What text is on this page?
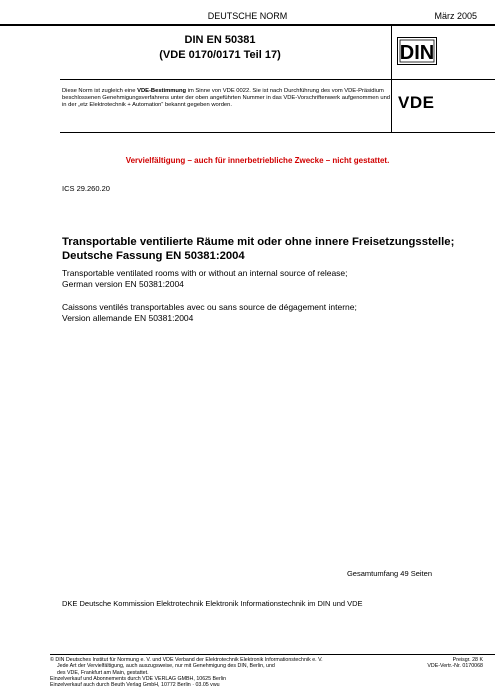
DEUTSCHE NORM	März 2005
DIN EN 50381
(VDE 0170/0171 Teil 17)	DIN
Diese Norm ist zugleich eine VDE-Bestimmung im Sinne von VDE 0022. Sie ist nach Durchführung des vom VDE-Präsidium beschlossenen Genehmigungsverfahrens unter der oben angeführten Nummer in das VDE-Vorschriftenwerk aufgenommen und in der „etz Elektrotechnik + Automation“ bekannt gegeben worden.	VDE
Vervielfältigung – auch für innerbetriebliche Zwecke – nicht gestattet.
ICS 29.260.20
Transportable ventilierte Räume mit oder ohne innere Freisetzungsstelle;
Deutsche Fassung EN 50381:2004
Transportable ventilated rooms with or without an internal source of release;
German version EN 50381:2004
Caissons ventilés transportables avec ou sans source de dégagement interne;
Version allemande EN 50381:2004
Gesamtumfang 49 Seiten
DKE Deutsche Kommission Elektrotechnik Elektronik Informationstechnik im DIN und VDE
© DIN Deutsches Institut für Normung e. V. und VDE Verband der Elektrotechnik Elektronik Informationstechnik e. V.
Jede Art der Vervielfältigung, auch auszugsweise, nur mit Genehmigung des DIN, Berlin, und
des VDE, Frankfurt am Main, gestattet.
Einzelverkauf und Abonnements durch VDE VERLAG GMBH, 10625 Berlin
Einzelverkauf auch durch Beuth Verlag GmbH, 10772 Berlin · 03.05 vwu
Preisgr. 28 K
VDE-Vertr.-Nr. 0170068
